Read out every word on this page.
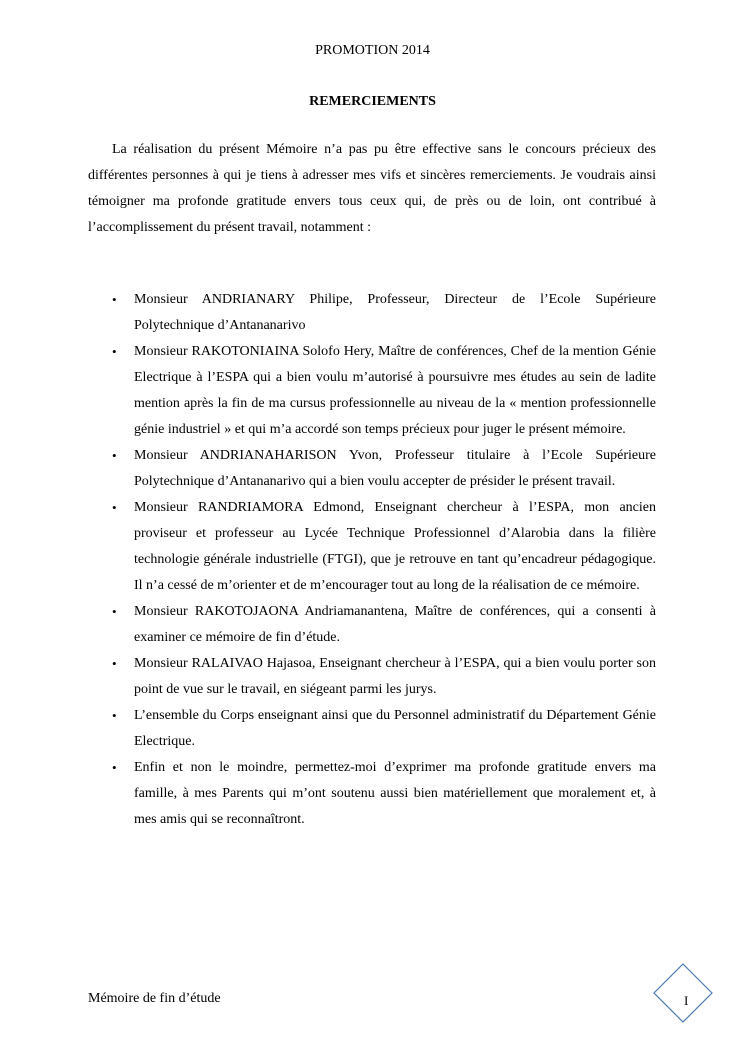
PROMOTION 2014
REMERCIEMENTS

La réalisation du présent Mémoire n’a pas pu être effective sans le concours précieux des différentes personnes à qui je tiens à adresser mes vifs et sincères remerciements. Je voudrais ainsi témoigner ma profonde gratitude envers tous ceux qui, de près ou de loin, ont contribué à l’accomplissement du présent travail, notamment :

• Monsieur ANDRIANARY Philipe, Professeur, Directeur de l’Ecole Supérieure Polytechnique d’Antananarivo
• Monsieur RAKOTONIAINA Solofo Hery, Maître de conférences, Chef de la mention Génie Electrique à l’ESPA qui a bien voulu m’autorisé à poursuivre mes études au sein de ladite mention après la fin de ma cursus professionnelle au niveau de la « mention professionnelle génie industriel » et qui m’a accordé son temps précieux pour juger le présent mémoire.
• Monsieur ANDRIANAHARISON Yvon, Professeur titulaire à l’Ecole Supérieure Polytechnique d’Antananarivo qui a bien voulu accepter de présider le présent travail.
• Monsieur RANDRIAMORA Edmond, Enseignant chercheur à l’ESPA, mon ancien proviseur et professeur au Lycée Technique Professionnel d’Alarobia dans la filière technologie générale industrielle (FTGI), que je retrouve en tant qu’encadreur pédagogique. Il n’a cessé de m’orienter et de m’encourager tout au long de la réalisation de ce mémoire.
• Monsieur RAKOTOJAONA Andriamanantena, Maître de conférences, qui a consenti à examiner ce mémoire de fin d’étude.
• Monsieur RALAIVAO Hajasoa, Enseignant chercheur à l’ESPA, qui a bien voulu porter son point de vue sur le travail, en siégeant parmi les jurys.
• L’ensemble du Corps enseignant ainsi que du Personnel administratif du Département Génie Electrique.
• Enfin et non le moindre, permettez-moi d’exprimer ma profonde gratitude envers ma famille, à mes Parents qui m’ont soutenu aussi bien matériellement que moralement et, à mes amis qui se reconnaîtront.
Mémoire de fin d’étude	I
